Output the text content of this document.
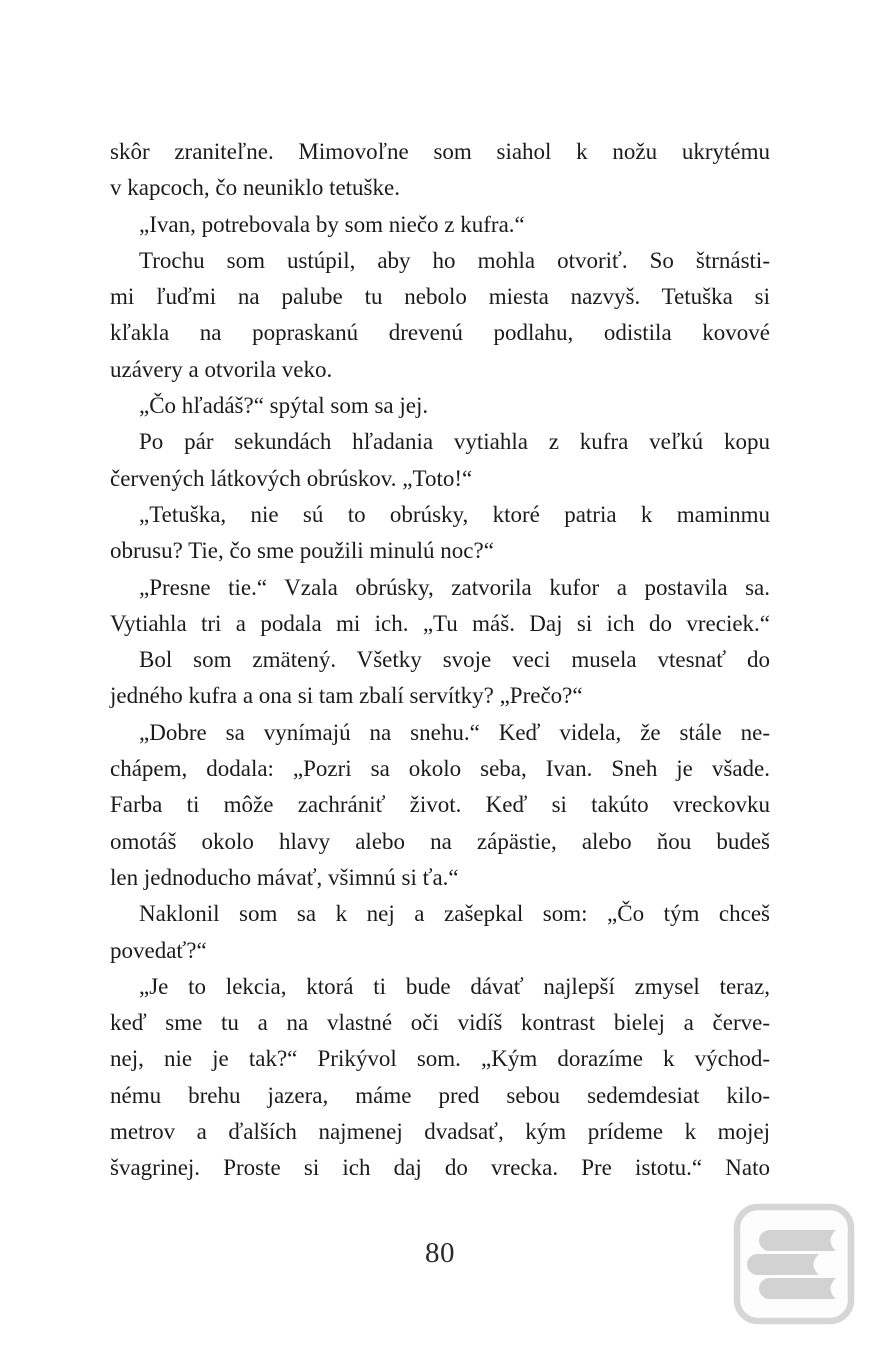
skôr zraniteľne. Mimovoľne som siahol k nožu ukrytému
v kapcoch, čo neuniklo tetuške.
„Ivan, potrebovala by som niečo z kufra.“
Trochu som ustúpil, aby ho mohla otvoriť. So štrnásti-
mi ľuďmi na palube tu nebolo miesta nazvyš. Tetuška si
kľakla na popraskanú drevenú podlahu, odistila kovové
uzávery a otvorila veko.
„Čo hľadáš?“ spýtal som sa jej.
Po pár sekundách hľadania vytiahla z kufra veľkú kopu
červených látkových obrúskov. „Toto!“
„Tetuška, nie sú to obrúsky, ktoré patria k maminmu
obrusu? Tie, čo sme použili minulú noc?“
„Presne tie.“ Vzala obrúsky, zatvorila kufor a postavila sa.
Vytiahla tri a podala mi ich. „Tu máš. Daj si ich do vreciek.“
Bol som zmätený. Všetky svoje veci musela vtesnať do
jedného kufra a ona si tam zbalí servítky? „Prečo?“
„Dobre sa vynímajú na snehu.“ Keď videla, že stále ne-
chápem, dodala: „Pozri sa okolo seba, Ivan. Sneh je všade.
Farba ti môže zachrániť život. Keď si takúto vreckovku
omotáš okolo hlavy alebo na zápästie, alebo ňou budeš
len jednoducho mávať, všimnú si ťa.“
Naklonil som sa k nej a zašepkal som: „Čo tým chceš
povedať?“
„Je to lekcia, ktorá ti bude dávať najlepší zmysel teraz,
keď sme tu a na vlastné oči vidíš kontrast bielej a červe-
nej, nie je tak?“ Prikývol som. „Kým dorazíme k východ-
nému brehu jazera, máme pred sebou sedemdesiat kilo-
metrov a ďalších najmenej dvadsať, kým prídeme k mojej
švagrinej. Proste si ich daj do vrecka. Pre istotu.“ Nato
80
